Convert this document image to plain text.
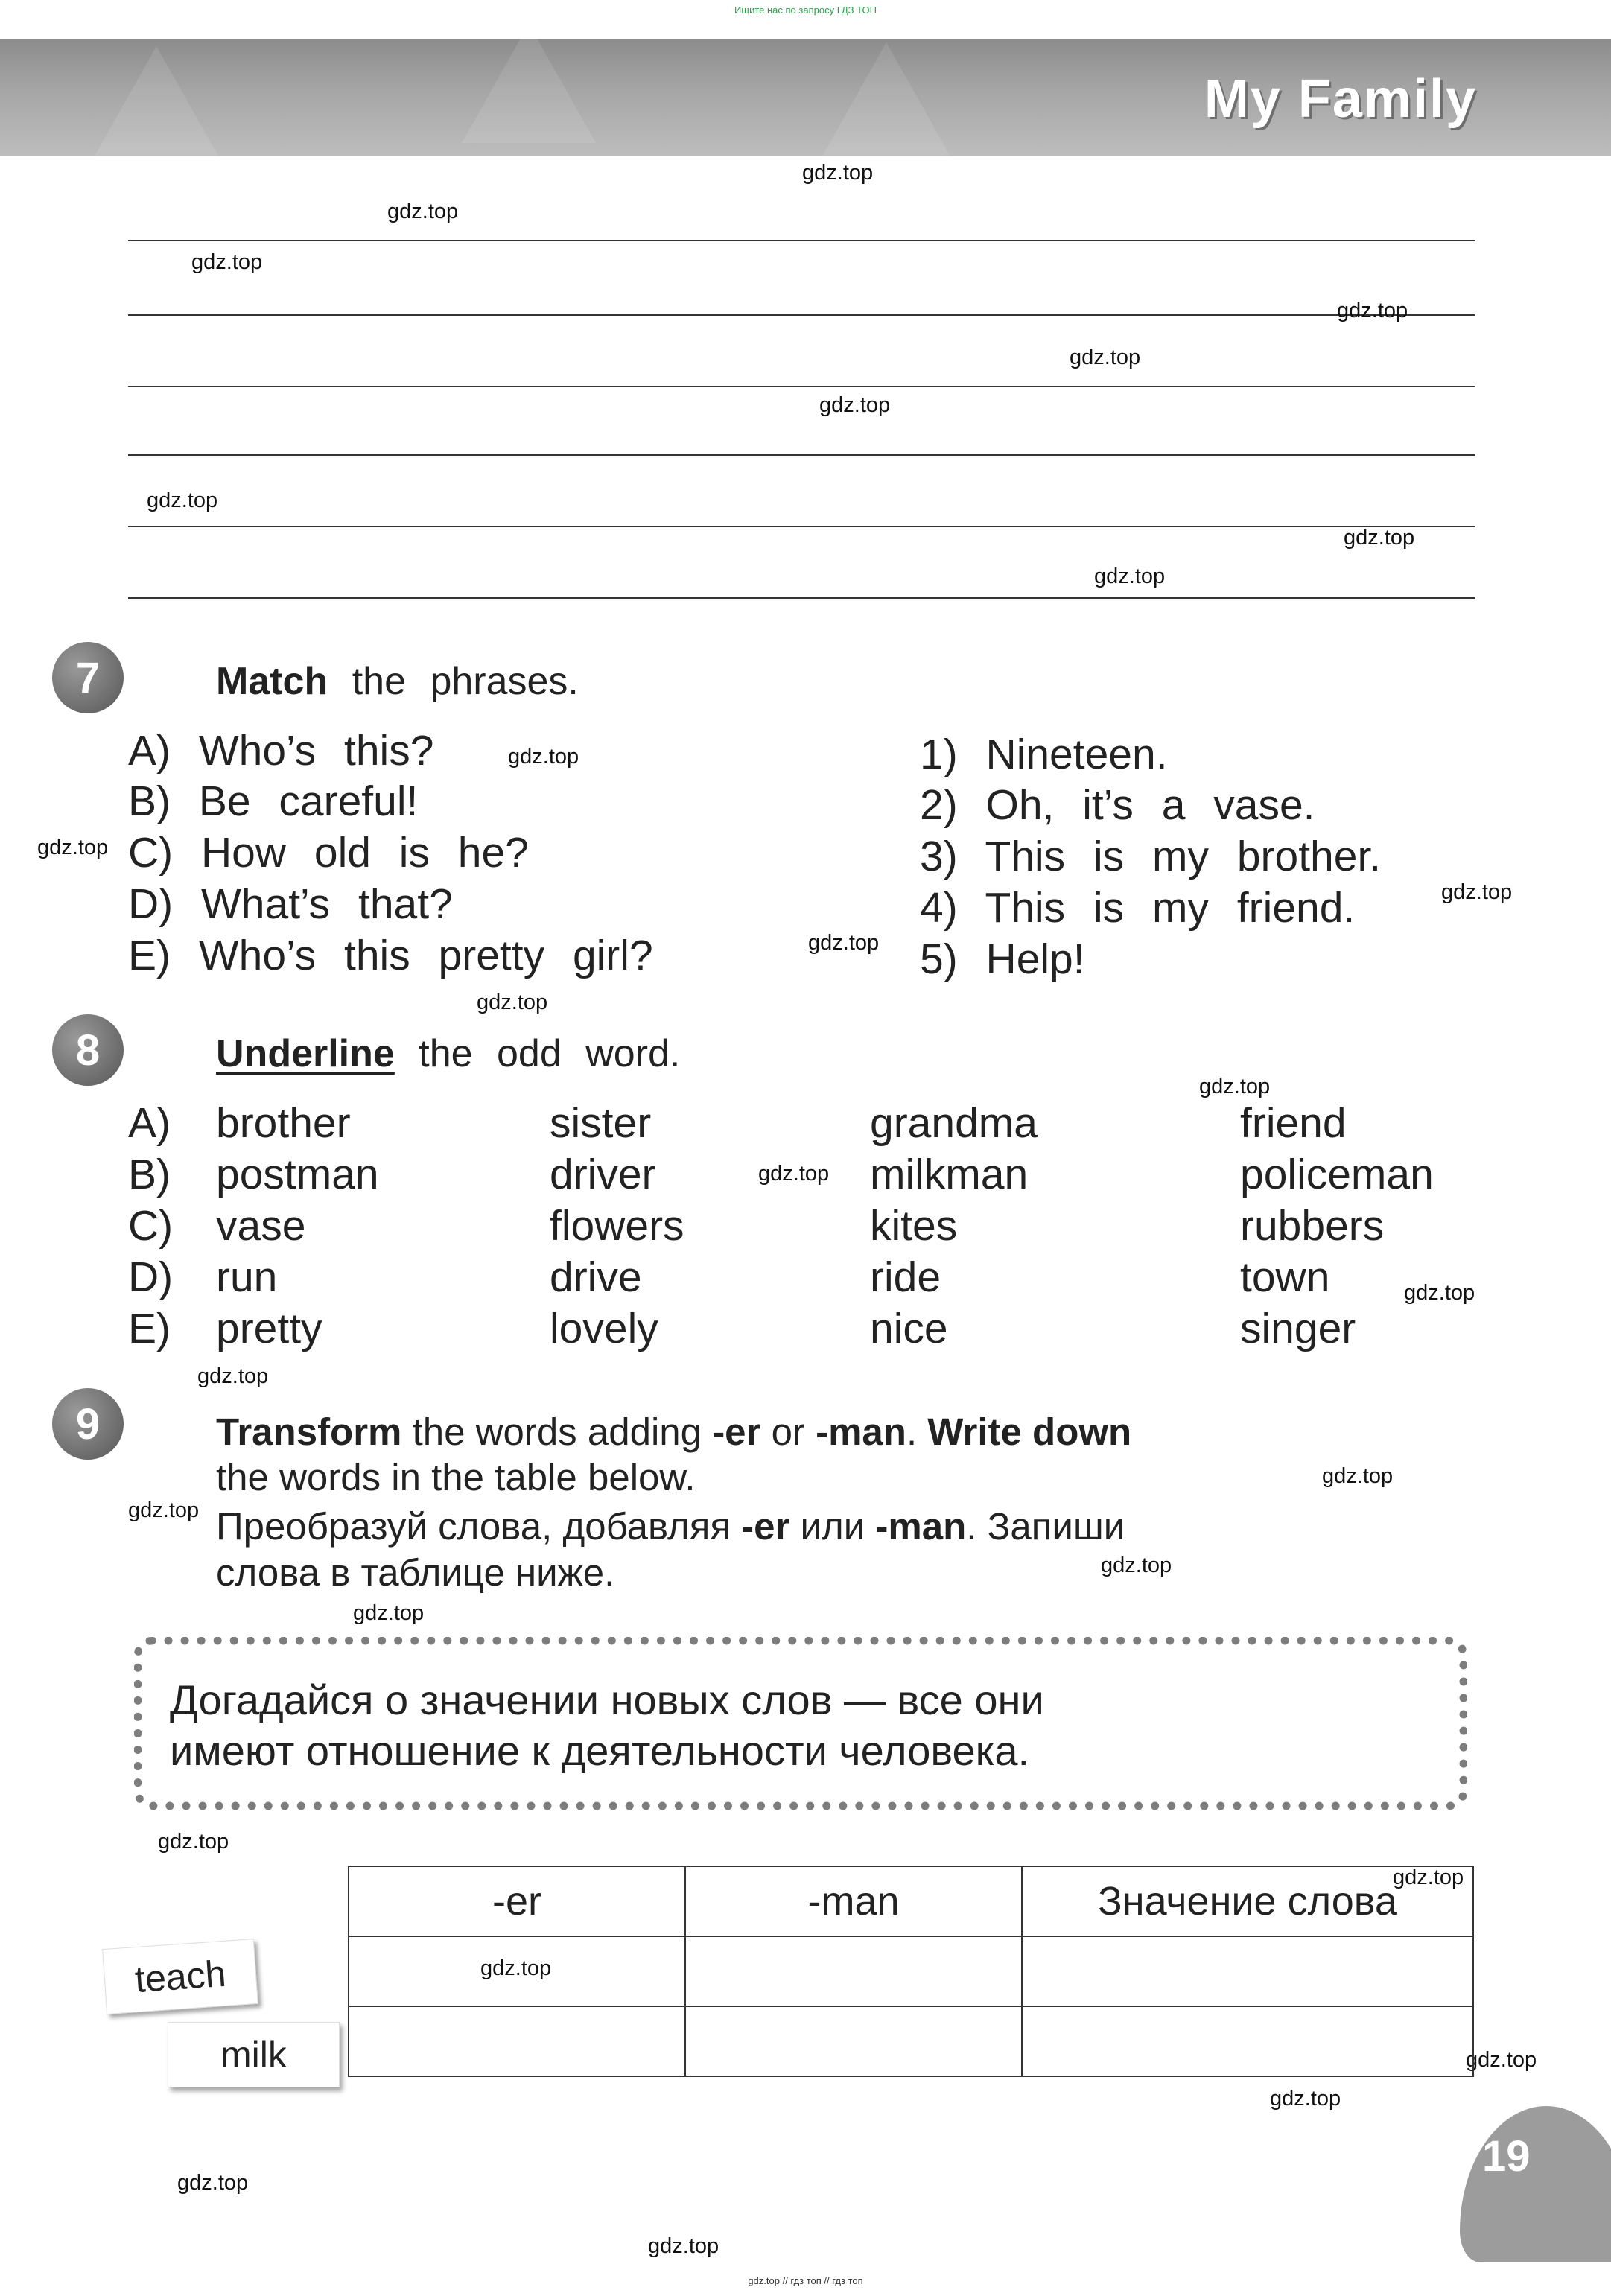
Ищите нас по запросу ГДЗ ТОП
My Family
gdz.top
gdz.top
gdz.top
gdz.top
gdz.top
gdz.top
gdz.top
gdz.top
gdz.top
gdz.top
gdz.top
gdz.top
gdz.top
gdz.top
gdz.top
gdz.top
gdz.top
gdz.top
gdz.top
gdz.top
gdz.top
gdz.top
gdz.top
gdz.top
gdz.top
gdz.top
gdz.top
gdz.top
gdz.top
7	Match the phrases.
A) Who’s this?
B) Be careful!
C) How old is he?
D) What’s that?
E) Who’s this pretty girl?
1) Nineteen.
2) Oh, it’s a vase.
3) This is my brother.
4) This is my friend.
5) Help!
8	Underline the odd word.
A) brother	sister	grandma	friend
B) postman	driver	milkman	policeman
C) vase	flowers	kites	rubbers
D) run	drive	ride	town
E) pretty	lovely	nice	singer
9	Transform the words adding -er or -man. Write down
the words in the table below.
Преобразуй слова, добавляя -er или -man. Запиши
слова в таблице ниже.
Догадайся о значении новых слов — все они
имеют отношение к деятельности человека.
-er	-man	Значение слова

teach
milk
19
gdz.top // гдз топ // гдз топ
